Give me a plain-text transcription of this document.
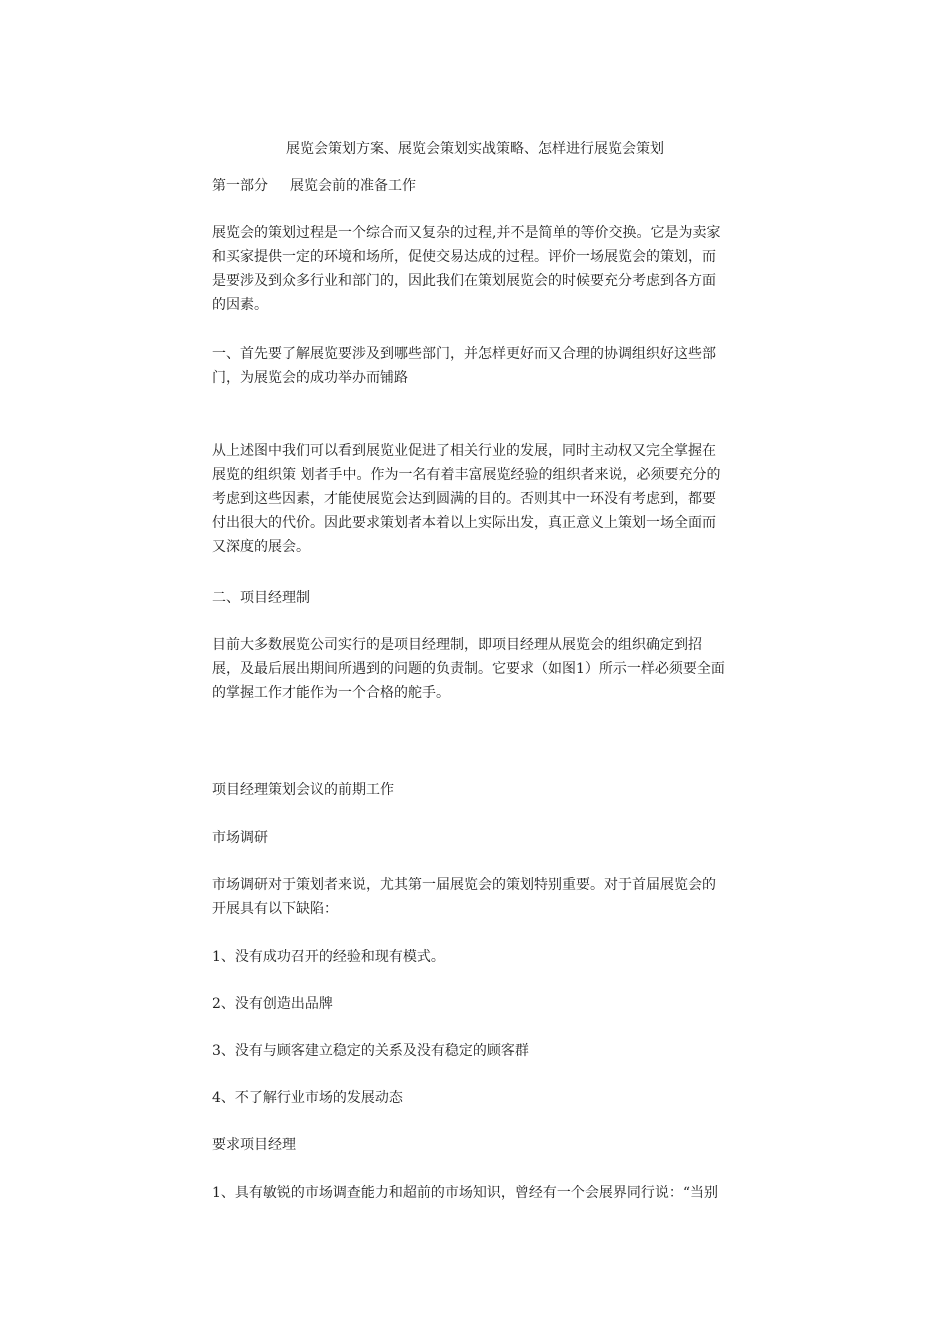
展览会策划方案、展览会策划实战策略、怎样进行展览会策划
第一部分 展览会前的准备工作
展览会的策划过程是一个综合而又复杂的过程,并不是简单的等价交换。它是为卖家
和买家提供一定的环境和场所，促使交易达成的过程。评价一场展览会的策划，而
是要涉及到众多行业和部门的，因此我们在策划展览会的时候要充分考虑到各方面
的因素。
一、首先要了解展览要涉及到哪些部门，并怎样更好而又合理的协调组织好这些部
门，为展览会的成功举办而铺路
从上述图中我们可以看到展览业促进了相关行业的发展，同时主动权又完全掌握在
展览的组织策 划者手中。作为一名有着丰富展览经验的组织者来说，必须要充分的
考虑到这些因素，才能使展览会达到圆满的目的。否则其中一环没有考虑到，都要
付出很大的代价。因此要求策划者本着以上实际出发，真正意义上策划一场全面而
又深度的展会。
二、项目经理制
目前大多数展览公司实行的是项目经理制，即项目经理从展览会的组织确定到招
展，及最后展出期间所遇到的问题的负责制。它要求（如图1）所示一样必须要全面
的掌握工作才能作为一个合格的舵手。
项目经理策划会议的前期工作
市场调研
市场调研对于策划者来说，尤其第一届展览会的策划特别重要。对于首届展览会的
开展具有以下缺陷：
1、没有成功召开的经验和现有模式。
2、没有创造出品牌
3、没有与顾客建立稳定的关系及没有稳定的顾客群
4、不了解行业市场的发展动态
要求项目经理
1、具有敏锐的市场调查能力和超前的市场知识，曾经有一个会展界同行说：“当别
